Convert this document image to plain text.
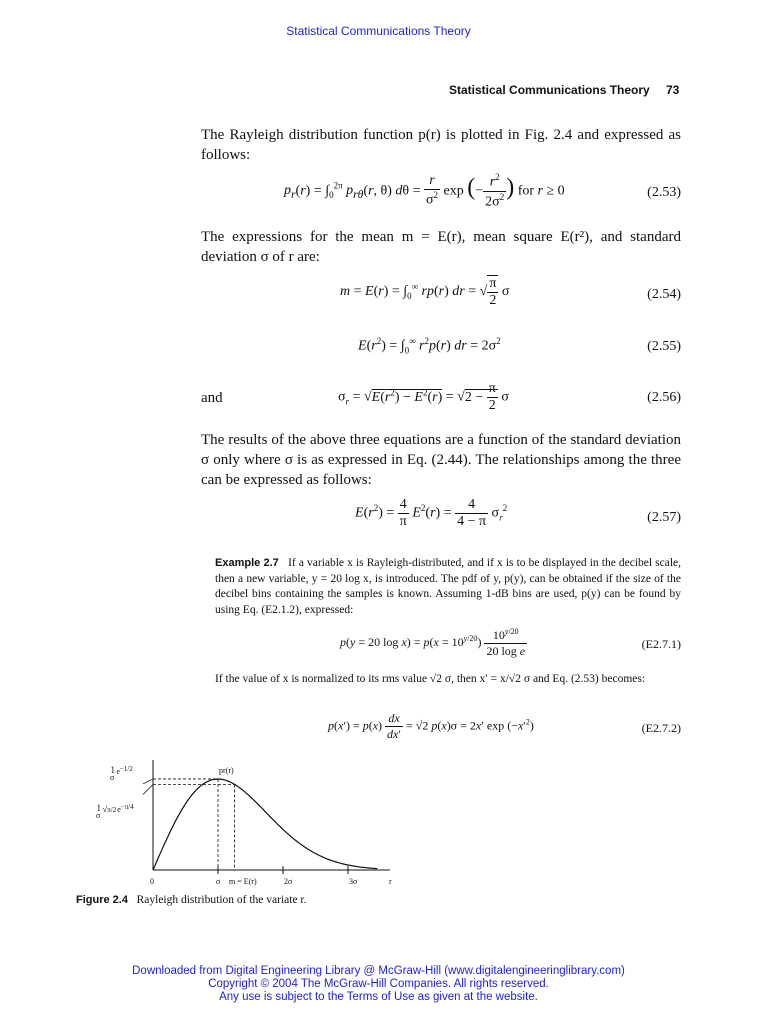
Statistical Communications Theory
Statistical Communications Theory 73
The Rayleigh distribution function p(r) is plotted in Fig. 2.4 and expressed as follows:
$p_r(r) = \int_0^{2\pi}$ $p_{r\theta}(r$, θ) $d\theta = \frac{r}{\sigma^2}$ exp (− $\frac{r^2}{2\sigma^2}$ ) for r ≥ 0	(2.53)
The expressions for the mean m = E(r), mean square E(r²), and standard deviation σ of r are:
$m = E(r) = \int_0^\infty$ rp(r) dr = √ $\frac{\pi}{2}$ σ	(2.54)
$E(r^2) = \int_0^\infty$ $r^2p(r)$ dr = $2\sigma^2$	(2.55)
and	$\sigma_r = √E(r^2) - E^2(r) = √2 - \frac{\pi}{2}$ σ	(2.56)
The results of the above three equations are a function of the standard deviation σ only where σ is as expressed in Eq. (2.44). The relationships among the three can be expressed as follows:
$E(r^2) = \frac{4}{\pi} E^2(r) = \frac{4}{4 - \pi} \sigma_r^2$
(2.57)
Example 2.7 If a variable x is Rayleigh-distributed, and if x is to be displayed in the decibel scale, then a new variable, y = 20 log x, is introduced. The pdf of y, p(y), can be obtained if the size of the decibel bins containing the samples is known. Assuming 1-dB bins are used, p(y) can be found by using Eq. (E2.1.2), expressed:
p(y = 20 $\log x) = p(x = 10^{y/20}) \frac{10^{y/20}}{\text{20 log e}}$	(E2.7.1)
If the value of x is normalized to its rms value √2 σ, then x′ = x/√2 σ and Eq. (2.53) becomes:
$p(x') = p(x) \frac{dx}{dx'} = √2$ p(x)σ = 2x′ $\exp (-x'^2)$	(E2.7.2)
1 $\sigma e^{-1/2}$
1 $\sigma√\pi/2e^{-\pi/4}$
pr(r)
0	σ m = E(r)	2σ	3σ	r
Figure 2.4 Rayleigh distribution of the variate r.
Downloaded from Digital Engineering Library @ McGraw-Hill (www.digitalengineeringlibrary.com)
Copyright © 2004 The McGraw-Hill Companies. All rights reserved.
Any use is subject to the Terms of Use as given at the website.
